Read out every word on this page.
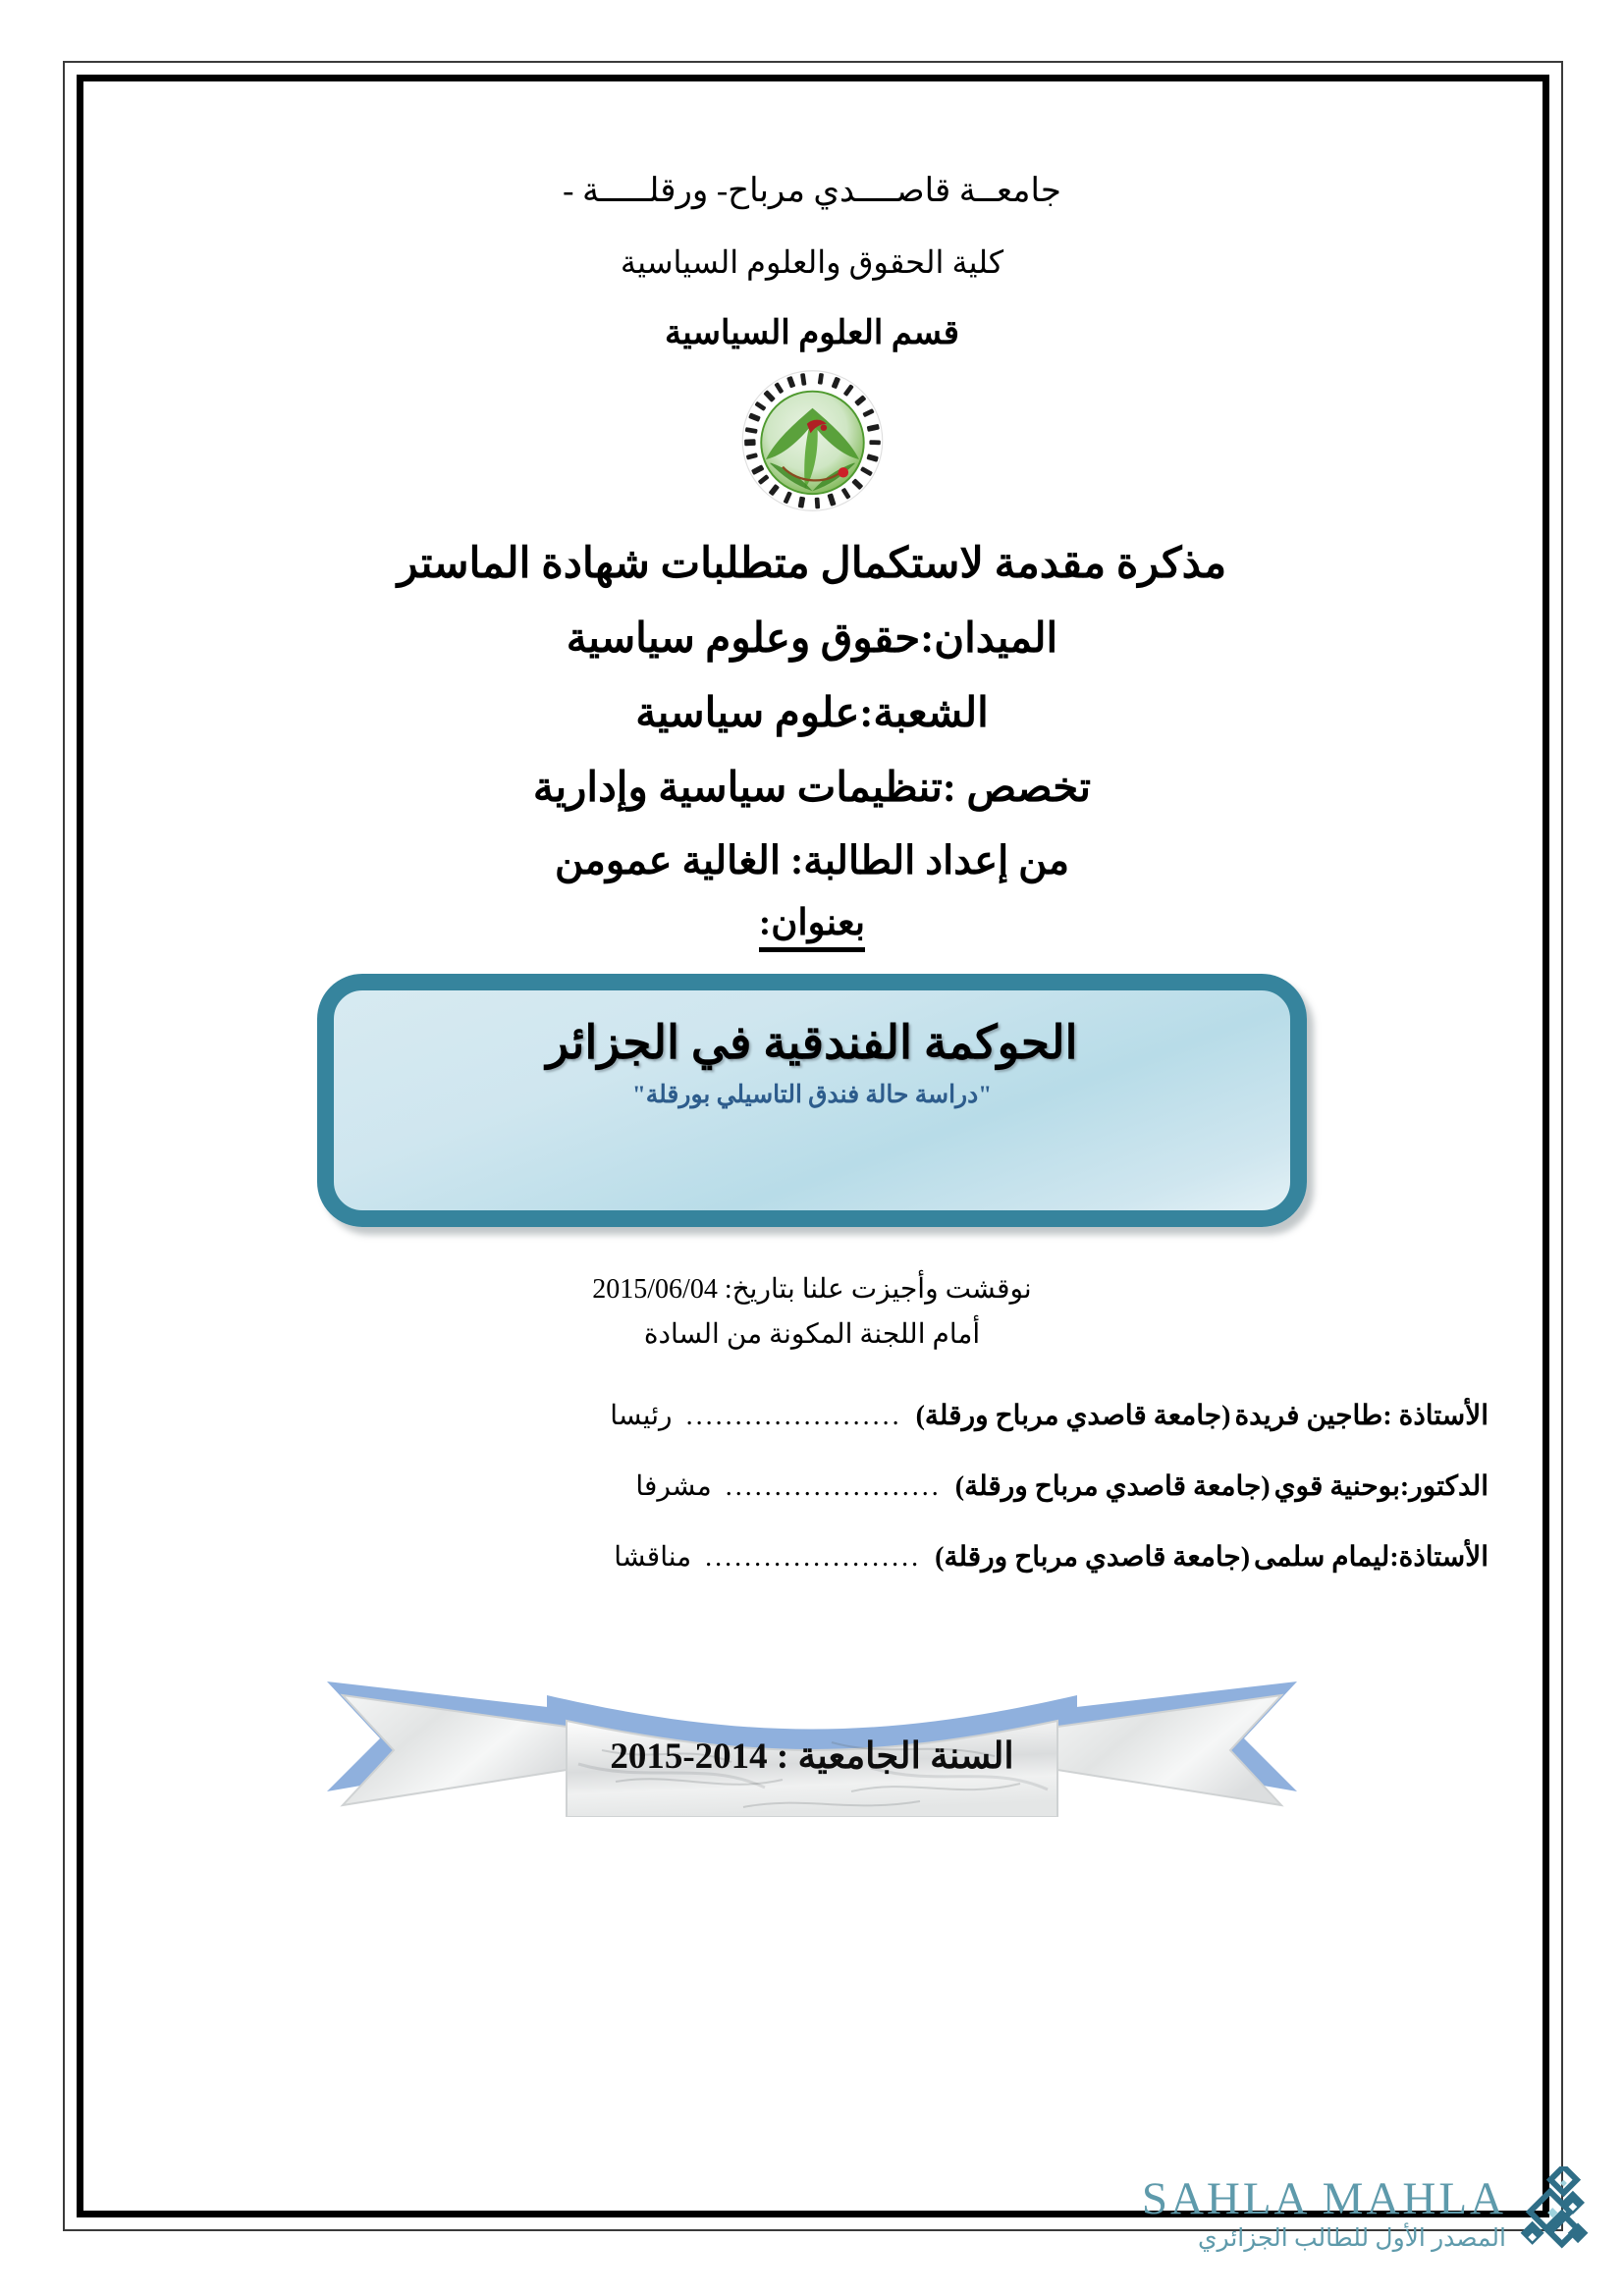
جامعــة قاصــــدي مرباح- ورقلـــــة -
كلية الحقوق والعلوم السياسية
قسم العلوم السياسية
مذكرة مقدمة لاستكمال متطلبات شهادة الماستر
الميدان:حقوق وعلوم سياسية
الشعبة:علوم سياسية
تخصص :تنظيمات سياسية وإدارية
من إعداد الطالبة: الغالية عمومن
بعنوان:
الحوكمة الفندقية في الجزائر
"دراسة حالة فندق التاسيلي بورقلة"
نوقشت وأجيزت علنا بتاريخ: 2015/06/04
أمام اللجنة المكونة من السادة
الأستاذة :
طاجين فريدة
(جامعة قاصدي مرباح ورقلة)
......................
رئيسا
الدكتور:
بوحنية قوي
(جامعة قاصدي مرباح ورقلة)
......................
مشرفا
الأستاذة:
ليمام سلمى
(جامعة قاصدي مرباح ورقلة)
......................
مناقشا
السنة الجامعية : 2014-2015
SAHLA MAHLA
المصدر الأول للطالب الجزائري
